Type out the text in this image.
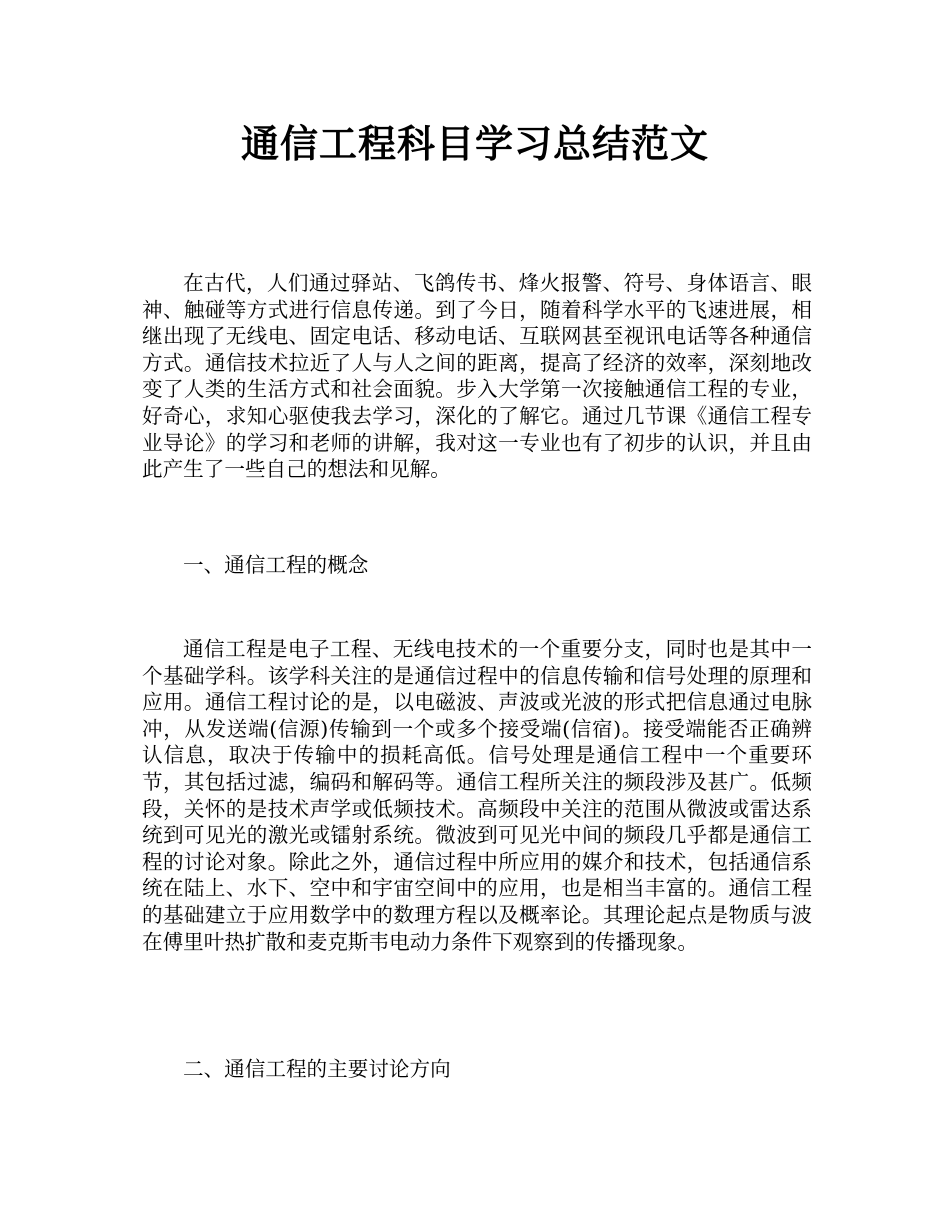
通信工程科目学习总结范文

在古代，人们通过驿站、飞鸽传书、烽火报警、符号、身体语言、眼神、触碰等方式进行信息传递。到了今日，随着科学水平的飞速进展，相继出现了无线电、固定电话、移动电话、互联网甚至视讯电话等各种通信方式。通信技术拉近了人与人之间的距离，提高了经济的效率，深刻地改变了人类的生活方式和社会面貌。步入大学第一次接触通信工程的专业，好奇心，求知心驱使我去学习，深化的了解它。通过几节课《通信工程专业导论》的学习和老师的讲解，我对这一专业也有了初步的认识，并且由此产生了一些自己的想法和见解。

一、通信工程的概念

通信工程是电子工程、无线电技术的一个重要分支，同时也是其中一个基础学科。该学科关注的是通信过程中的信息传输和信号处理的原理和应用。通信工程讨论的是，以电磁波、声波或光波的形式把信息通过电脉冲，从发送端(信源)传输到一个或多个接受端(信宿)。接受端能否正确辨认信息，取决于传输中的损耗高低。信号处理是通信工程中一个重要环节，其包括过滤，编码和解码等。通信工程所关注的频段涉及甚广。低频段，关怀的是技术声学或低频技术。高频段中关注的范围从微波或雷达系统到可见光的激光或镭射系统。微波到可见光中间的频段几乎都是通信工程的讨论对象。除此之外，通信过程中所应用的媒介和技术，包括通信系统在陆上、水下、空中和宇宙空间中的应用，也是相当丰富的。通信工程的基础建立于应用数学中的数理方程以及概率论。其理论起点是物质与波在傅里叶热扩散和麦克斯韦电动力条件下观察到的传播现象。

二、通信工程的主要讨论方向
